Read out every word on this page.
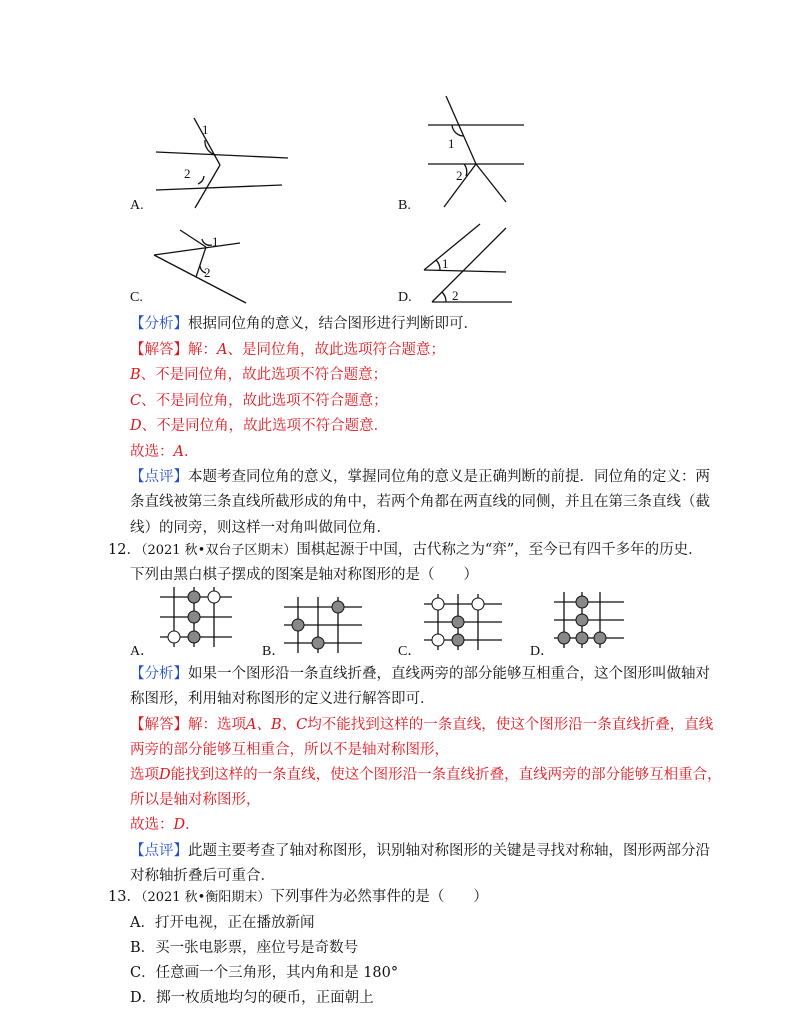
1
2
A.
1
2
B.
1
2
C.
1
2
D.
【分析】根据同位角的意义，结合图形进行判断即可．
【解答】解：A、是同位角，故此选项符合题意；
B、不是同位角，故此选项不符合题意；
C、不是同位角，故此选项不符合题意；
D、不是同位角，故此选项不符合题意．
故选：A．
【点评】本题考查同位角的意义，掌握同位角的意义是正确判断的前提．同位角的定义：两
条直线被第三条直线所截形成的角中，若两个角都在两直线的同侧，并且在第三条直线（截
线）的同旁，则这样一对角叫做同位角．
12．（2021 秋•双台子区期末）围棋起源于中国，古代称之为“弈”，至今已有四千多年的历史．
下列由黑白棋子摆成的图案是轴对称图形的是（　　）
A．	B．	C．	D．
【分析】如果一个图形沿一条直线折叠，直线两旁的部分能够互相重合，这个图形叫做轴对
称图形，利用轴对称图形的定义进行解答即可．
【解答】解：选项A、B、C均不能找到这样的一条直线，使这个图形沿一条直线折叠，直线
两旁的部分能够互相重合，所以不是轴对称图形，
选项D能找到这样的一条直线，使这个图形沿一条直线折叠，直线两旁的部分能够互相重合，
所以是轴对称图形，
故选：D．
【点评】此题主要考查了轴对称图形，识别轴对称图形的关键是寻找对称轴，图形两部分沿
对称轴折叠后可重合．
13．（2021 秋•衡阳期末）下列事件为必然事件的是（　　）
A．打开电视，正在播放新闻
B．买一张电影票，座位号是奇数号
C．任意画一个三角形，其内角和是 180°
D．掷一枚质地均匀的硬币，正面朝上
